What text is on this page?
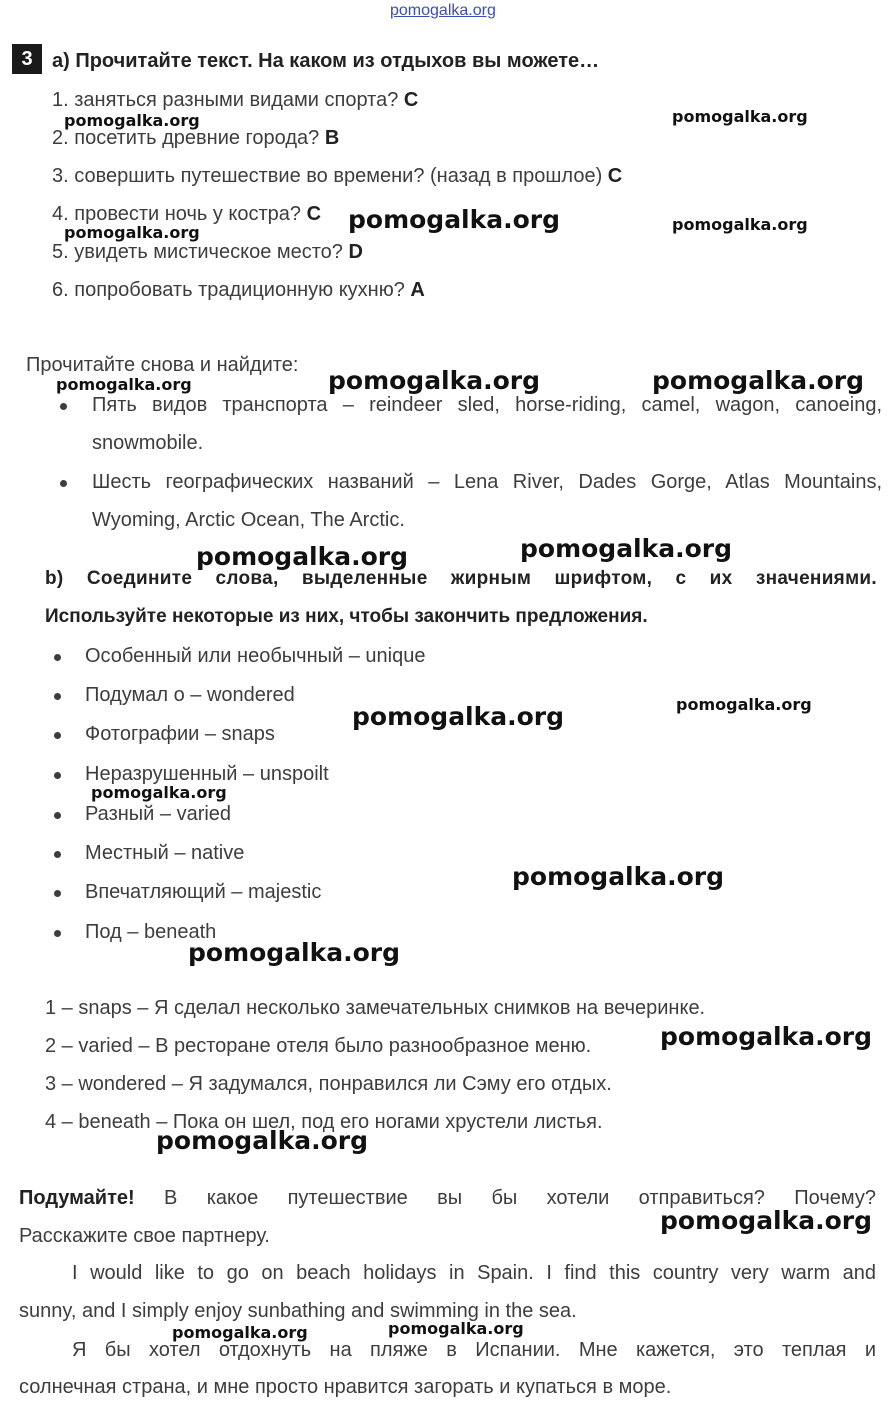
pomogalka.org
3 a) Прочитайте текст. На каком из отдыхов вы можете…
1. заняться разными видами спорта? C
2. посетить древние города? B
3. совершить путешествие во времени? (назад в прошлое) C
4. провести ночь у костра? C
5. увидеть мистическое место? D
6. попробовать традиционную кухню? A
Прочитайте снова и найдите:
Пять видов транспорта – reindeer sled, horse-riding, camel, wagon, canoeing,
snowmobile.
Шесть географических названий – Lena River, Dades Gorge, Atlas Mountains,
Wyoming, Arctic Ocean, The Arctic.
b) Соедините слова, выделенные жирным шрифтом, с их значениями.
Используйте некоторые из них, чтобы закончить предложения.
Особенный или необычный – unique
Подумал о – wondered
Фотографии – snaps
Неразрушенный – unspoilt
Разный – varied
Местный – native
Впечатляющий – majestic
Под – beneath
1 – snaps – Я сделал несколько замечательных снимков на вечеринке.
2 – varied – В ресторане отеля было разнообразное меню.
3 – wondered – Я задумался, понравился ли Сэму его отдых.
4 – beneath – Пока он шел, под его ногами хрустели листья.
Подумайте! В какое путешествие вы бы хотели отправиться? Почему?
Расскажите свое партнеру.
I would like to go on beach holidays in Spain. I find this country very warm and
sunny, and I simply enjoy sunbathing and swimming in the sea.
Я бы хотел отдохнуть на пляже в Испании. Мне кажется, это теплая и
солнечная страна, и мне просто нравится загорать и купаться в море.
pomogalka.org	pomogalka.org
pomogalka.org	pomogalka.org
pomogalka.org
pomogalka.org	pomogalka.org	pomogalka.org
pomogalka.org	pomogalka.org
pomogalka.org
pomogalka.org
pomogalka.org
pomogalka.org
pomogalka.org
pomogalka.org
pomogalka.org
pomogalka.org
pomogalka.org	pomogalka.org
